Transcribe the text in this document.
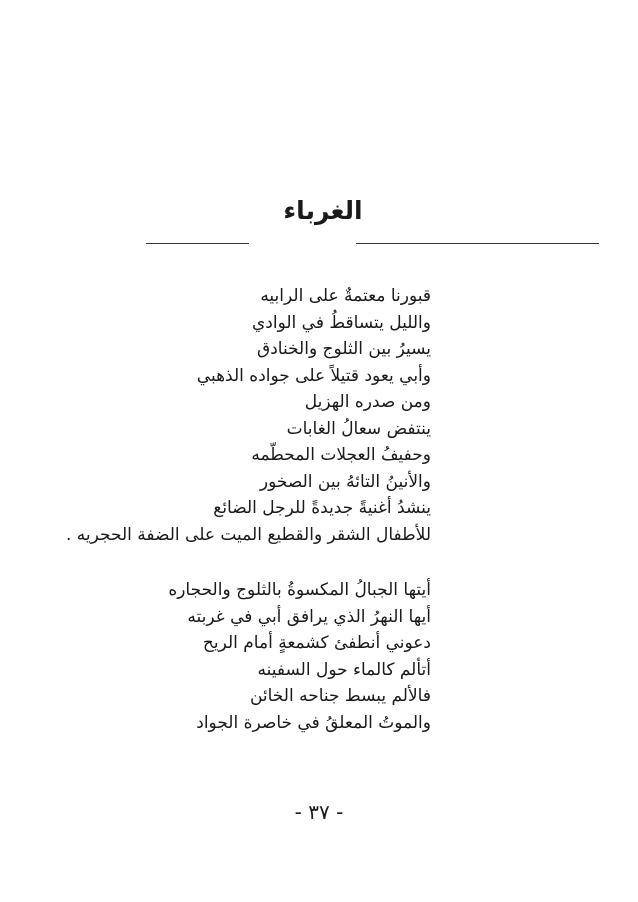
الغرباء
قبورنا معتمةٌ على الرابيه
والليل يتساقطُ في الوادي
يسيرُ بين الثلوج والخنادق
وأبي يعود قتيلاً على جواده الذهبي
ومن صدره الهزيل
ينتفض سعالُ الغابات
وحفيفُ العجلات المحطّمه
والأنينُ التائهُ بين الصخور
ينشدُ أغنيةً جديدةً للرجل الضائع
للأطفال الشقر والقطيع الميت على الضفة الحجريه .
أيتها الجبالُ المكسوةُ بالثلوج والحجاره
أيها النهرُ الذي يرافق أبي في غربته
دعوني أنطفئ كشمعةٍ أمام الريح
أتألم كالماء حول السفينه
فالألم يبسط جناحه الخائن
والموتُ المعلقُ في خاصرة الجواد
- ٣٧ -
